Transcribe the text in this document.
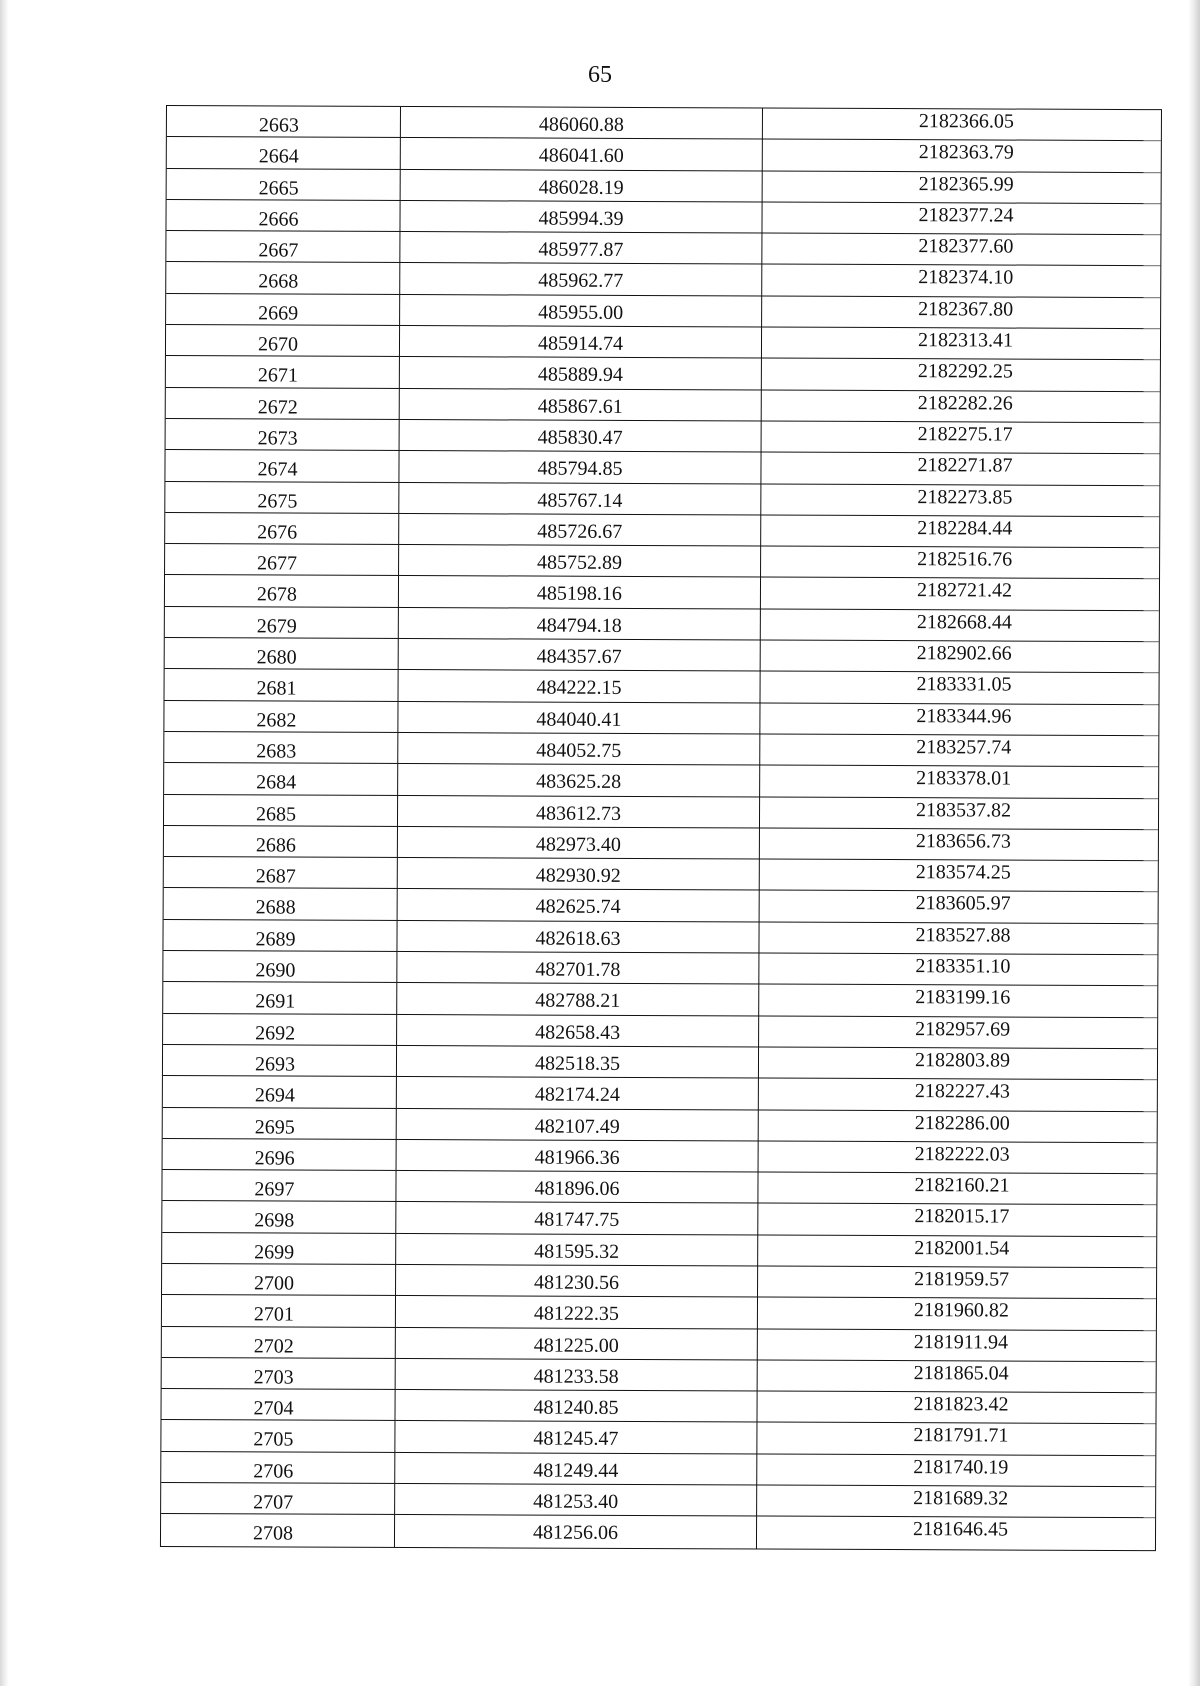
65
2663	486060.88	2182366.05
2664	486041.60	2182363.79
2665	486028.19	2182365.99
2666	485994.39	2182377.24
2667	485977.87	2182377.60
2668	485962.77	2182374.10
2669	485955.00	2182367.80
2670	485914.74	2182313.41
2671	485889.94	2182292.25
2672	485867.61	2182282.26
2673	485830.47	2182275.17
2674	485794.85	2182271.87
2675	485767.14	2182273.85
2676	485726.67	2182284.44
2677	485752.89	2182516.76
2678	485198.16	2182721.42
2679	484794.18	2182668.44
2680	484357.67	2182902.66
2681	484222.15	2183331.05
2682	484040.41	2183344.96
2683	484052.75	2183257.74
2684	483625.28	2183378.01
2685	483612.73	2183537.82
2686	482973.40	2183656.73
2687	482930.92	2183574.25
2688	482625.74	2183605.97
2689	482618.63	2183527.88
2690	482701.78	2183351.10
2691	482788.21	2183199.16
2692	482658.43	2182957.69
2693	482518.35	2182803.89
2694	482174.24	2182227.43
2695	482107.49	2182286.00
2696	481966.36	2182222.03
2697	481896.06	2182160.21
2698	481747.75	2182015.17
2699	481595.32	2182001.54
2700	481230.56	2181959.57
2701	481222.35	2181960.82
2702	481225.00	2181911.94
2703	481233.58	2181865.04
2704	481240.85	2181823.42
2705	481245.47	2181791.71
2706	481249.44	2181740.19
2707	481253.40	2181689.32
2708	481256.06	2181646.45
